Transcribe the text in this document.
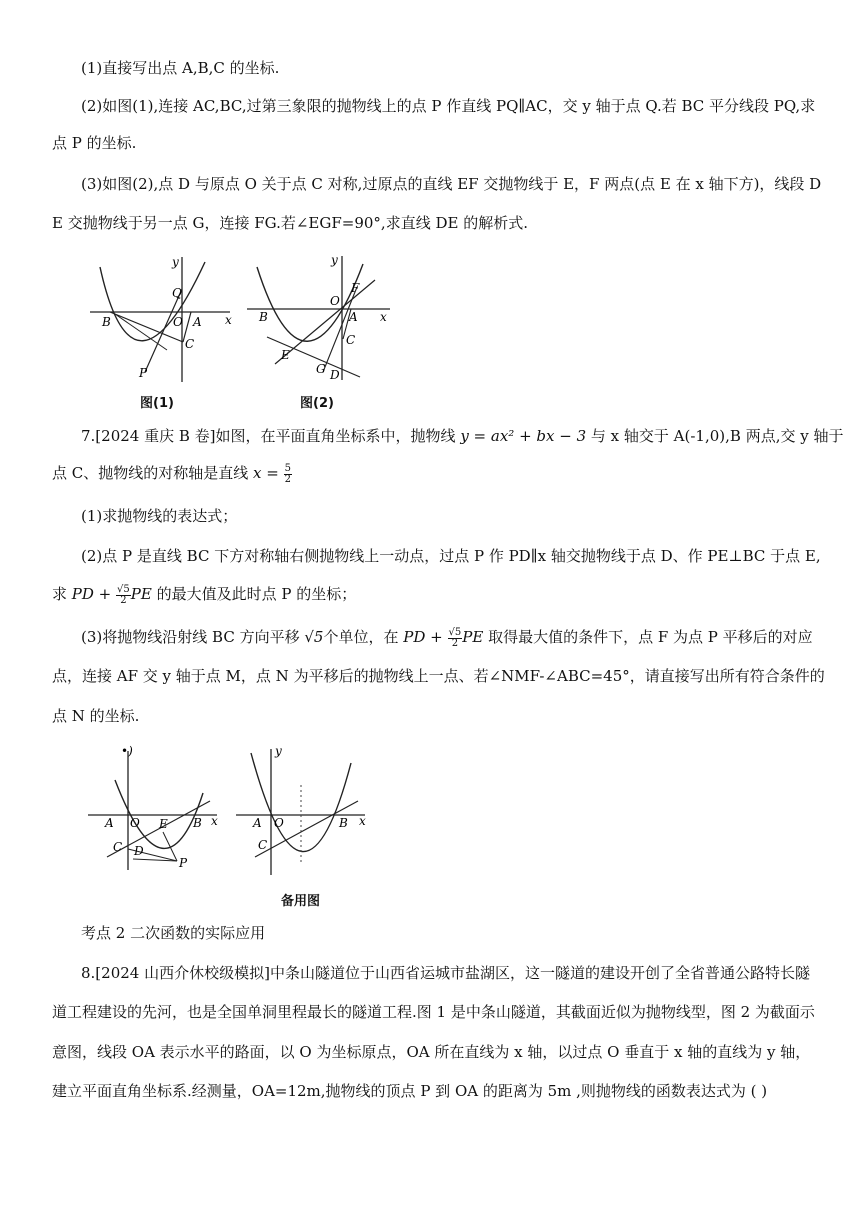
(1)直接写出点 A,B,C 的坐标.
(2)如图(1),连接 AC,BC,过第三象限的抛物线上的点 P 作直线 PQ∥AC，交 y 轴于点 Q.若 BC 平分线段 PQ,求
点 P 的坐标.
(3)如图(2),点 D 与原点 O 关于点 C 对称,过原点的直线 EF 交抛物线于 E，F 两点(点 E 在 x 轴下方)，线段 D
E 交抛物线于另一点 G，连接 FG.若∠EGF=90°,求直线 DE 的解析式.
x
y
B	O A
C
Q
P
图(1)
x
y
B
O
A
C
F
E
G D
图(2)
7.[2024 重庆 B 卷]如图，在平面直角坐标系中，抛物线 y = ax² + bx − 3 与 x 轴交于 A(-1,0),B 两点,交 y 轴于
点 C、抛物线的对称轴是直线 $x = \frac{5}{2}$
(1)求抛物线的表达式；
(2)点 P 是直线 BC 下方对称轴右侧抛物线上一动点，过点 P 作 PD∥x 轴交抛物线于点 D、作 PE⊥BC 于点 E,
求 PD + $\frac{√5}{2}$ PE 的最大值及此时点 P 的坐标；
(3)将抛物线沿射线 BC 方向平移 √5个单位，在 PD + $\frac{√5}{2}$ PE 取得最大值的条件下，点 F 为点 P 平移后的对应
点，连接 AF 交 y 轴于点 M，点 N 为平移后的抛物线上一点、若∠NMF-∠ABC=45°，请直接写出所有符合条件的
点 N 的坐标.
x
•)
A O	B
C
E
D
P
x
y
A O	B
C
备用图
考点 2 二次函数的实际应用
8.[2024 山西介休校级模拟]中条山隧道位于山西省运城市盐湖区，这一隧道的建设开创了全省普通公路特长隧
道工程建设的先河，也是全国单洞里程最长的隧道工程.图 1 是中条山隧道，其截面近似为抛物线型，图 2 为截面示
意图，线段 OA 表示水平的路面，以 O 为坐标原点，OA 所在直线为 x 轴，以过点 O 垂直于 x 轴的直线为 y 轴，
建立平面直角坐标系.经测量，OA=12m,抛物线的顶点 P 到 OA 的距离为 5m ,则抛物线的函数表达式为 ( )
